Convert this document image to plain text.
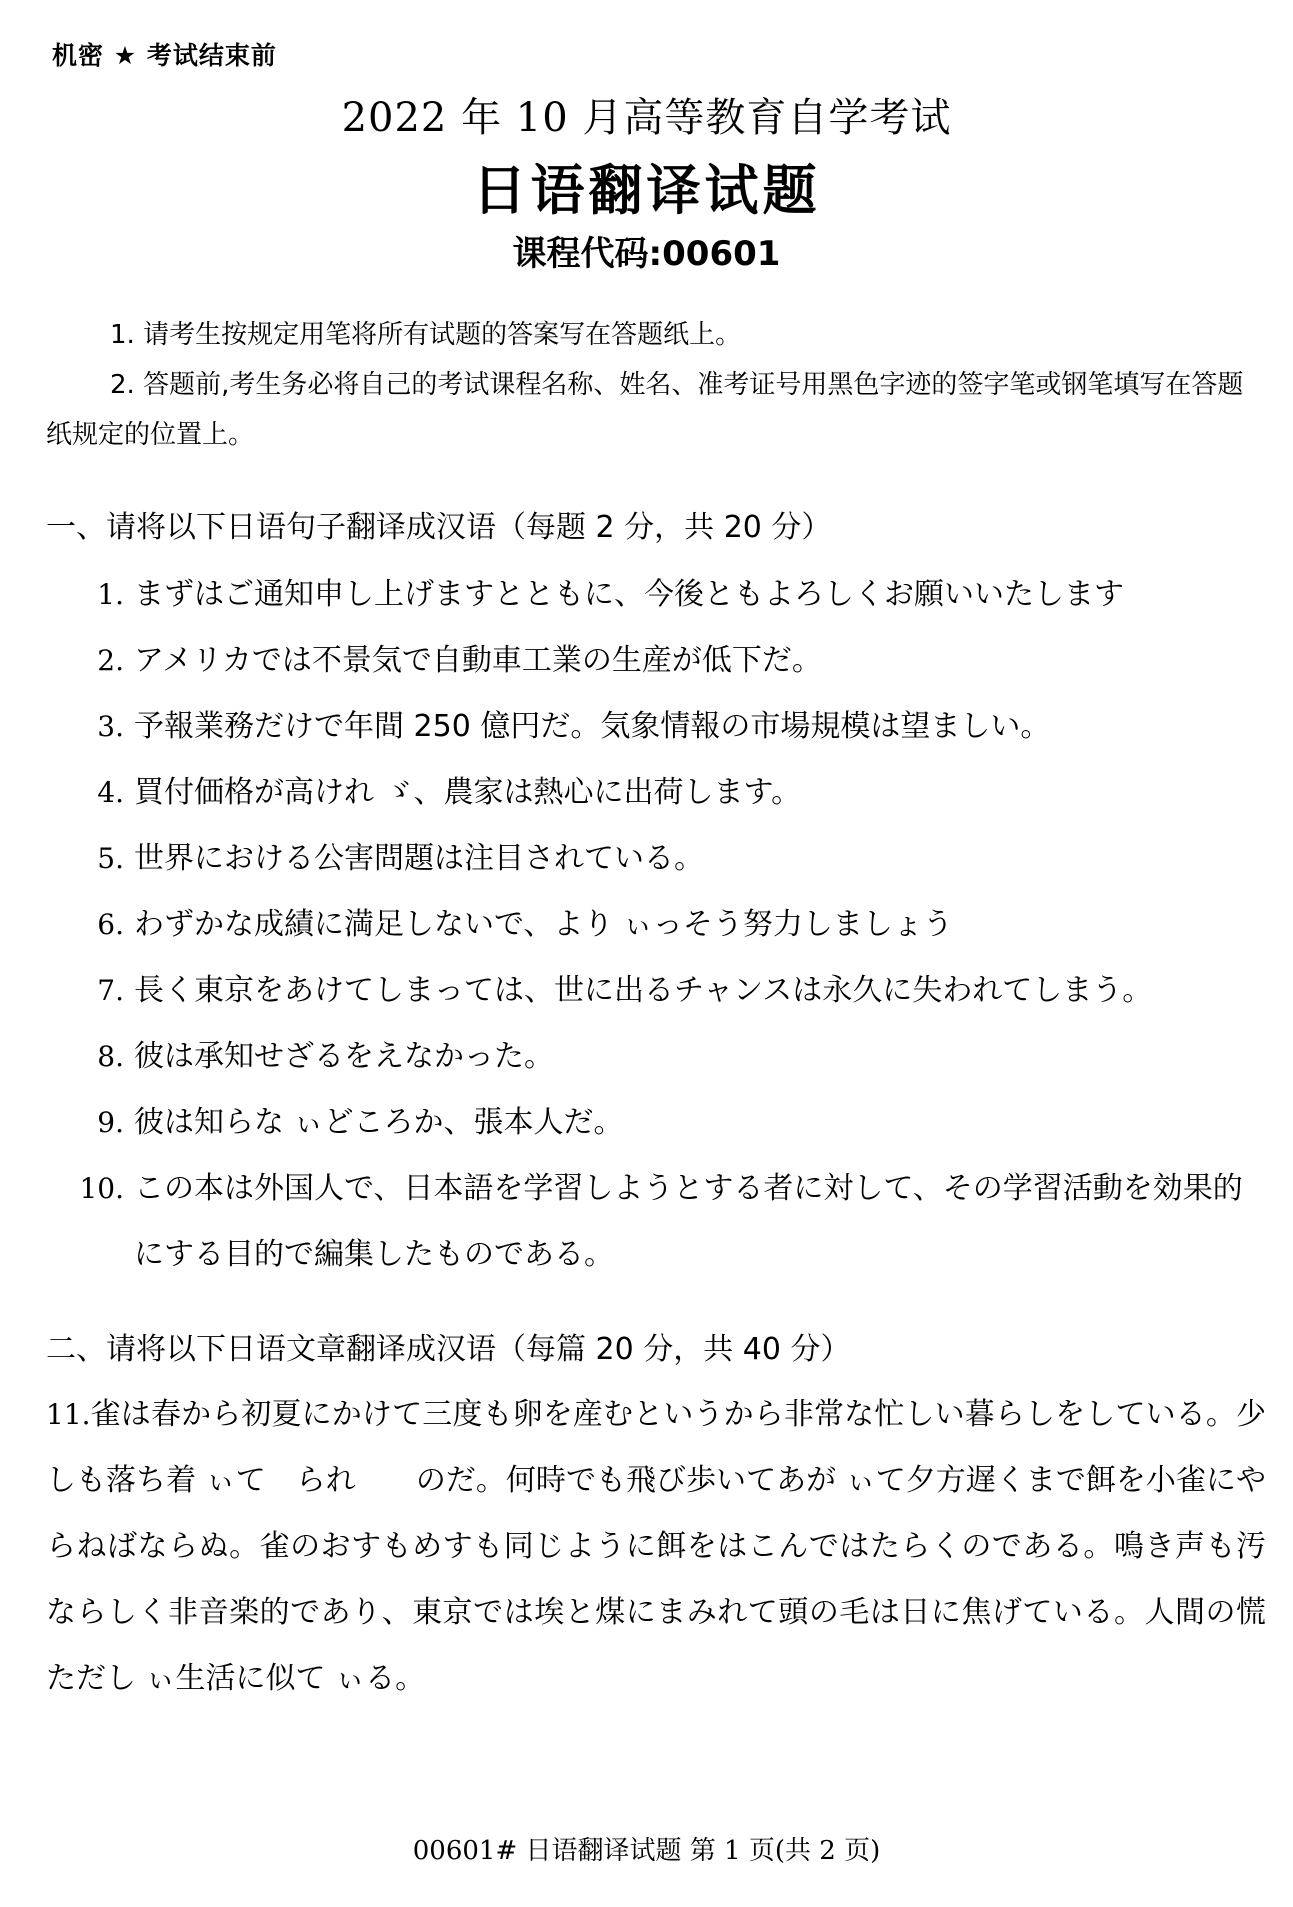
机密 ★ 考试结束前
2022 年 10 月高等教育自学考试
日语翻译试题
课程代码:00601

1. 请考生按规定用笔将所有试题的答案写在答题纸上。

2. 答题前,考生务必将自己的考试课程名称、姓名、准考证号用黑色字迹的签字笔或钢笔填写在答题纸规定的位置上。

一、请将以下日语句子翻译成汉语（每题 2 分，共 20 分）

1. まずはご通知申し上げますとともに、今後ともよろしくお願いいたします
2. アメリカでは不景気で自動車工業の生産が低下だ。
3. 予報業務だけで年間 250 億円だ。気象情報の市場規模は望ましい。
4. 買付価格が高けれ ゞ、農家は熱心に出荷します。
5. 世界における公害問題は注目されている。
6. わずかな成績に満足しないで、より ぃっそう努力しましょう
7. 長く東京をあけてしまっては、世に出るチャンスは永久に失われてしまう。
8. 彼は承知せざるをえなかった。
9. 彼は知らな ぃどころか、張本人だ。
10. この本は外国人で、日本語を学習しようとする者に対して、その学習活動を効果的にする目的で編集したものである。

二、请将以下日语文章翻译成汉语（每篇 20 分，共 40 分）

11.雀は春から初夏にかけて三度も卵を産むというから非常な忙しい暮らしをしている。少しも落ち着 ぃて　られ　　のだ。何時でも飛び歩いてあが ぃて夕方遅くまで餌を小雀にやらねばならぬ。雀のおすもめすも同じように餌をはこんではたらくのである。鳴き声も汚ならしく非音楽的であり、東京では埃と煤にまみれて頭の毛は日に焦げている。人間の慌ただし ぃ生活に似て ぃる。

00601# 日语翻译试题 第 1 页(共 2 页)
